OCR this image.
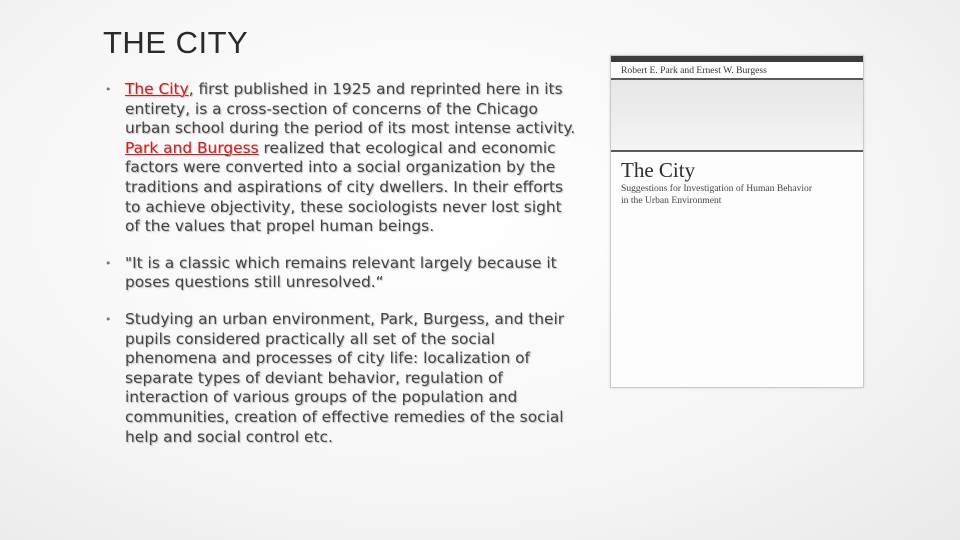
THE CITY
• The City, first published in 1925 and reprinted here in its entirety, is a cross-section of concerns of the Chicago urban school during the period of its most intense activity. Park and Burgess realized that ecological and economic factors were converted into a social organization by the traditions and aspirations of city dwellers. In their efforts to achieve objectivity, these sociologists never lost sight of the values that propel human beings.
• "It is a classic which remains relevant largely because it poses questions still unresolved.“
• Studying an urban environment, Park, Burgess, and their pupils considered practically all set of the social phenomena and processes of city life: localization of separate types of deviant behavior, regulation of interaction of various groups of the population and communities, creation of effective remedies of the social help and social control etc.
Robert E. Park and Ernest W. Burgess
The City
Suggestions for Investigation of Human Behavior in the Urban Environment
